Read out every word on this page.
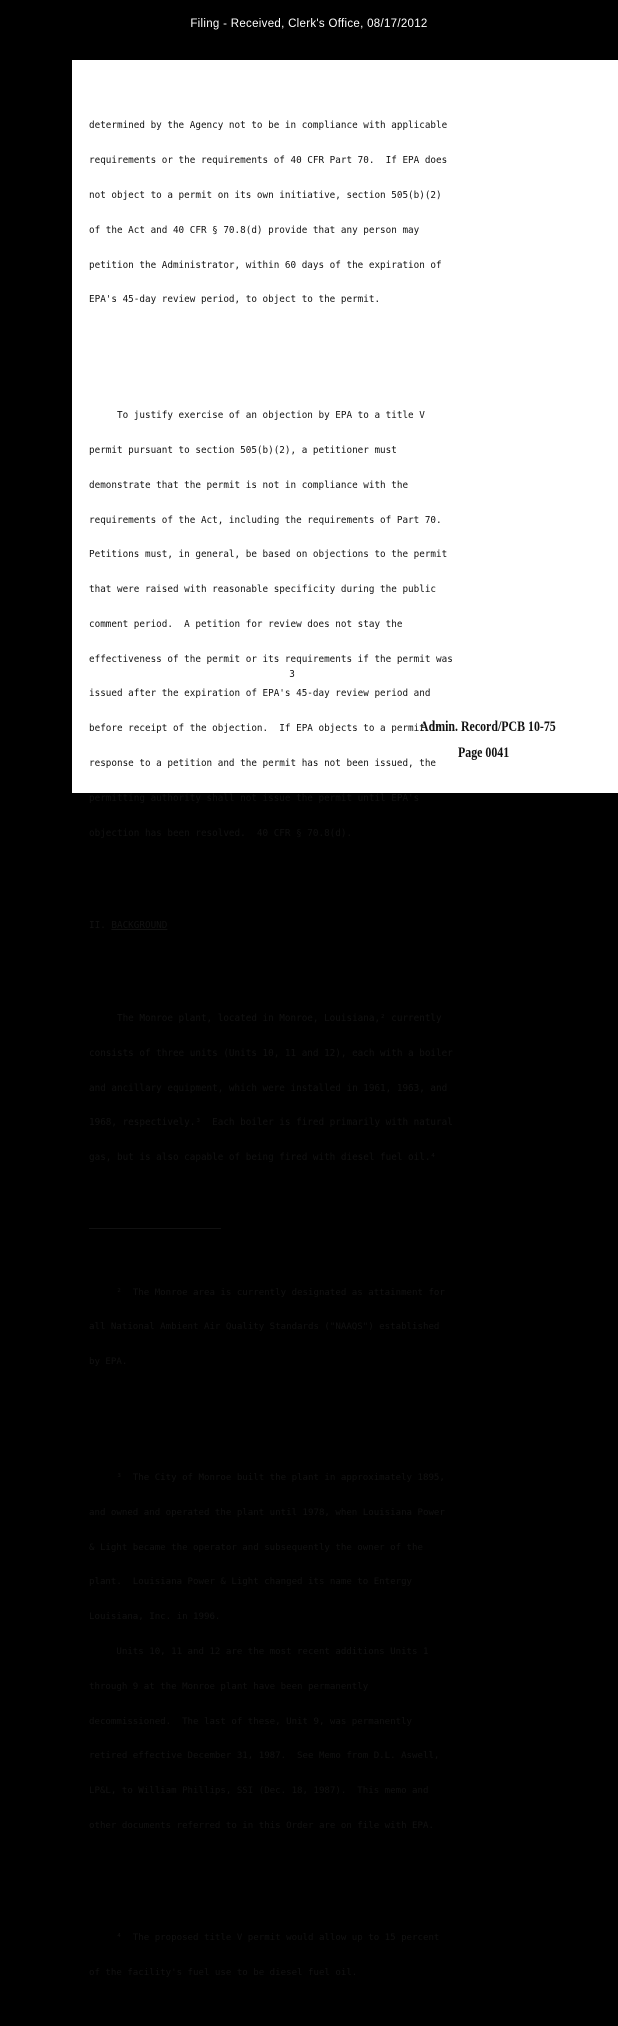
Filing - Received, Clerk's Office, 08/17/2012

determined by the Agency not to be in compliance with applicable

requirements or the requirements of 40 CFR Part 70.  If EPA does

not object to a permit on its own initiative, section 505(b)(2)

of the Act and 40 CFR § 70.8(d) provide that any person may

petition the Administrator, within 60 days of the expiration of

EPA's 45-day review period, to object to the permit.

To justify exercise of an objection by EPA to a title V

permit pursuant to section 505(b)(2), a petitioner must

demonstrate that the permit is not in compliance with the

requirements of the Act, including the requirements of Part 70.

Petitions must, in general, be based on objections to the permit

that were raised with reasonable specificity during the public

comment period.  A petition for review does not stay the

effectiveness of the permit or its requirements if the permit was

issued after the expiration of EPA's 45-day review period and

before receipt of the objection.  If EPA objects to a permit in

response to a petition and the permit has not been issued, the

permitting authority shall not issue the permit until EPA's

objection has been resolved.  40 CFR § 70.8(d).

II. BACKGROUND

The Monroe plant, located in Monroe, Louisiana,² currently

consists of three units (Units 10, 11 and 12), each with a boiler

and ancillary equipment, which were installed in 1961, 1963, and

1968, respectively.³  Each boiler is fired primarily with natural

gas, but is also capable of being fired with diesel fuel oil.⁴

²  The Monroe area is currently designated as attainment for

all National Ambient Air Quality Standards ("NAAQS") established

by EPA.

³  The City of Monroe built the plant in approximately 1895,

and owned and operated the plant until 1978, when Louisiana Power

& Light became the operator and subsequently the owner of the

plant.  Louisiana Power & Light changed its name to Entergy

Louisiana, Inc. in 1996.

Units 10, 11 and 12 are the most recent additions Units 1

through 9 at the Monroe plant have been permanently

decommissioned.  The last of these, Unit 9, was permanently

retired effective December 31, 1987.  See Memo from D.L. Aswell,

LP&L, to William Phillips, SSI (Dec. 18, 1987).  This memo and

other documents referred to in this Order are on file with EPA.

⁴  The proposed title V permit would allow up to 15 percent

of the facility's fuel use to be diesel fuel oil.

3
Admin. Record/PCB 10-75
Page 0041
